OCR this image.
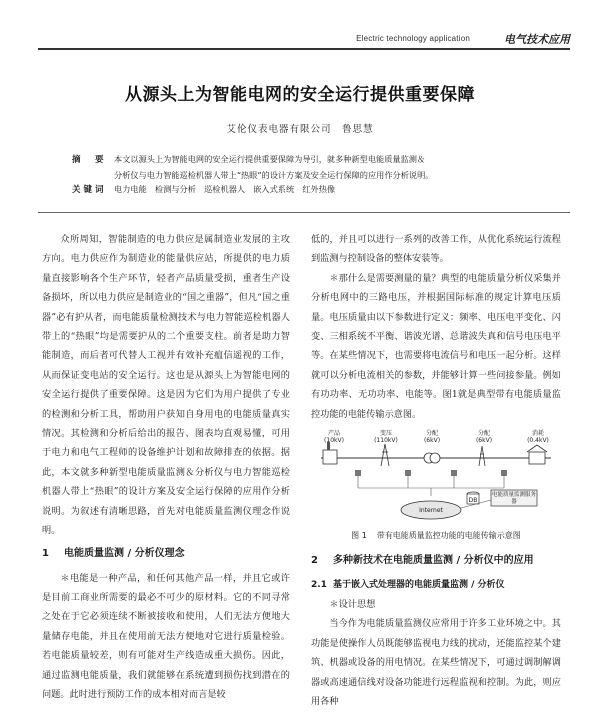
Electric technology application	电气技术应用
从源头上为智能电网的安全运行提供重要保障
艾伦仪表电器有限公司　鲁思慧
摘　要 本文以源头上为智能电网的安全运行提供重要保障为导引，就多种新型电能质量监测＆
分析仪与电力智能巡检机器人带上“热眼”的设计方案及安全运行保障的应用作分析说明。
关键词 电力电能　检测与分析　巡检机器人　嵌入式系统　红外热像

众所周知，智能制造的电力供应是属制造业发展的主攻方向。电力供应作为制造业的能量供应站，所提供的电力质量直接影响各个生产环节，轻者产品质量受损，重者生产设备损坏，所以电力供应是制造业的“国之重器”，但凡“国之重器”必有护从者，而电能质量检测技术与电力智能巡检机器人带上的“热眼”均是需要护从的二个重要支柱。前者是助力智能制造，而后者可代替人工视并有效补充瘟信遥视的工作，从而保证变电站的安全运行。这也是从源头上为智能电网的安全运行提供了重要保障。这是因为它们为用户提供了专业的检测和分析工具，帮助用户获知自身用电的电能质量真实情况。其检测和分析后给出的报告、图表均直观易懂，可用于电力和电气工程师的设备维护计划和故障排查的依据。据此，本文就多种新型电能质量监测＆分析仪与电力智能巡检机器人带上“热眼”的设计方案及安全运行保障的应用作分析说明。为叙述有清晰思路，首先对电能质量监测仪理念作说明。

1 电能质量监测 / 分析仪理念

＊电能是一种产品，和任何其他产品一样，并且它或许是目前工商业所需要的最必不可少的原材料。它的不同寻常之处在于它必须连续不断被接收和使用，人们无法方便地大量储存电能，并且在使用前无法方便地对它进行质量检验。若电能质量较差，则有可能对生产线造成重大损伤。因此，通过监测电能质量，我们就能够在系统遭到损伤找到潜在的问题。此时进行预防工作的成本相对而言是较

低的，并且可以进行一系列的改善工作，从优化系统运行流程到监测与控制设备的整体安装等。

＊那什么是需要测量的量？典型的电能质量分析仪采集并分析电网中的三路电压，并根据国际标准的规定计算电压质量。电压质量由以下参数进行定义：频率、电压电平变化、闪变、三相系统不平衡、谐波光谱、总谐波失真和信号电压电平等。在某些情况下，也需要将电流信号和电压一起分析。这样就可以分析电流相关的参数，并能够计算一些问接参量。例如有功功率、无功功率、电能等。图1就是典型带有电能质量监控功能的电能传输示意图。

产品
(10kV)
变压
(110kV)
分配
(6kV)
分配
(6kV)
消耗
(0.4kV)
DB
电能质量监测服务器
Internet
图 1 带有电能质量监控功能的电能传输示意图
2 多种新技术在电能质量监测 / 分析仪中的应用
2.1 基于嵌入式处理器的电能质量监测 / 分析仪

＊设计思想

当今作为电能质量监测仪应常用于许多工业环境之中。其功能是使操作人员既能够监视电力线的扰动，还能监控某个建筑、机器或设备的用电情况。在某些情况下，可通过调制解调器或高速通信线对设备功能进行远程监视和控制。为此，则应用各种
